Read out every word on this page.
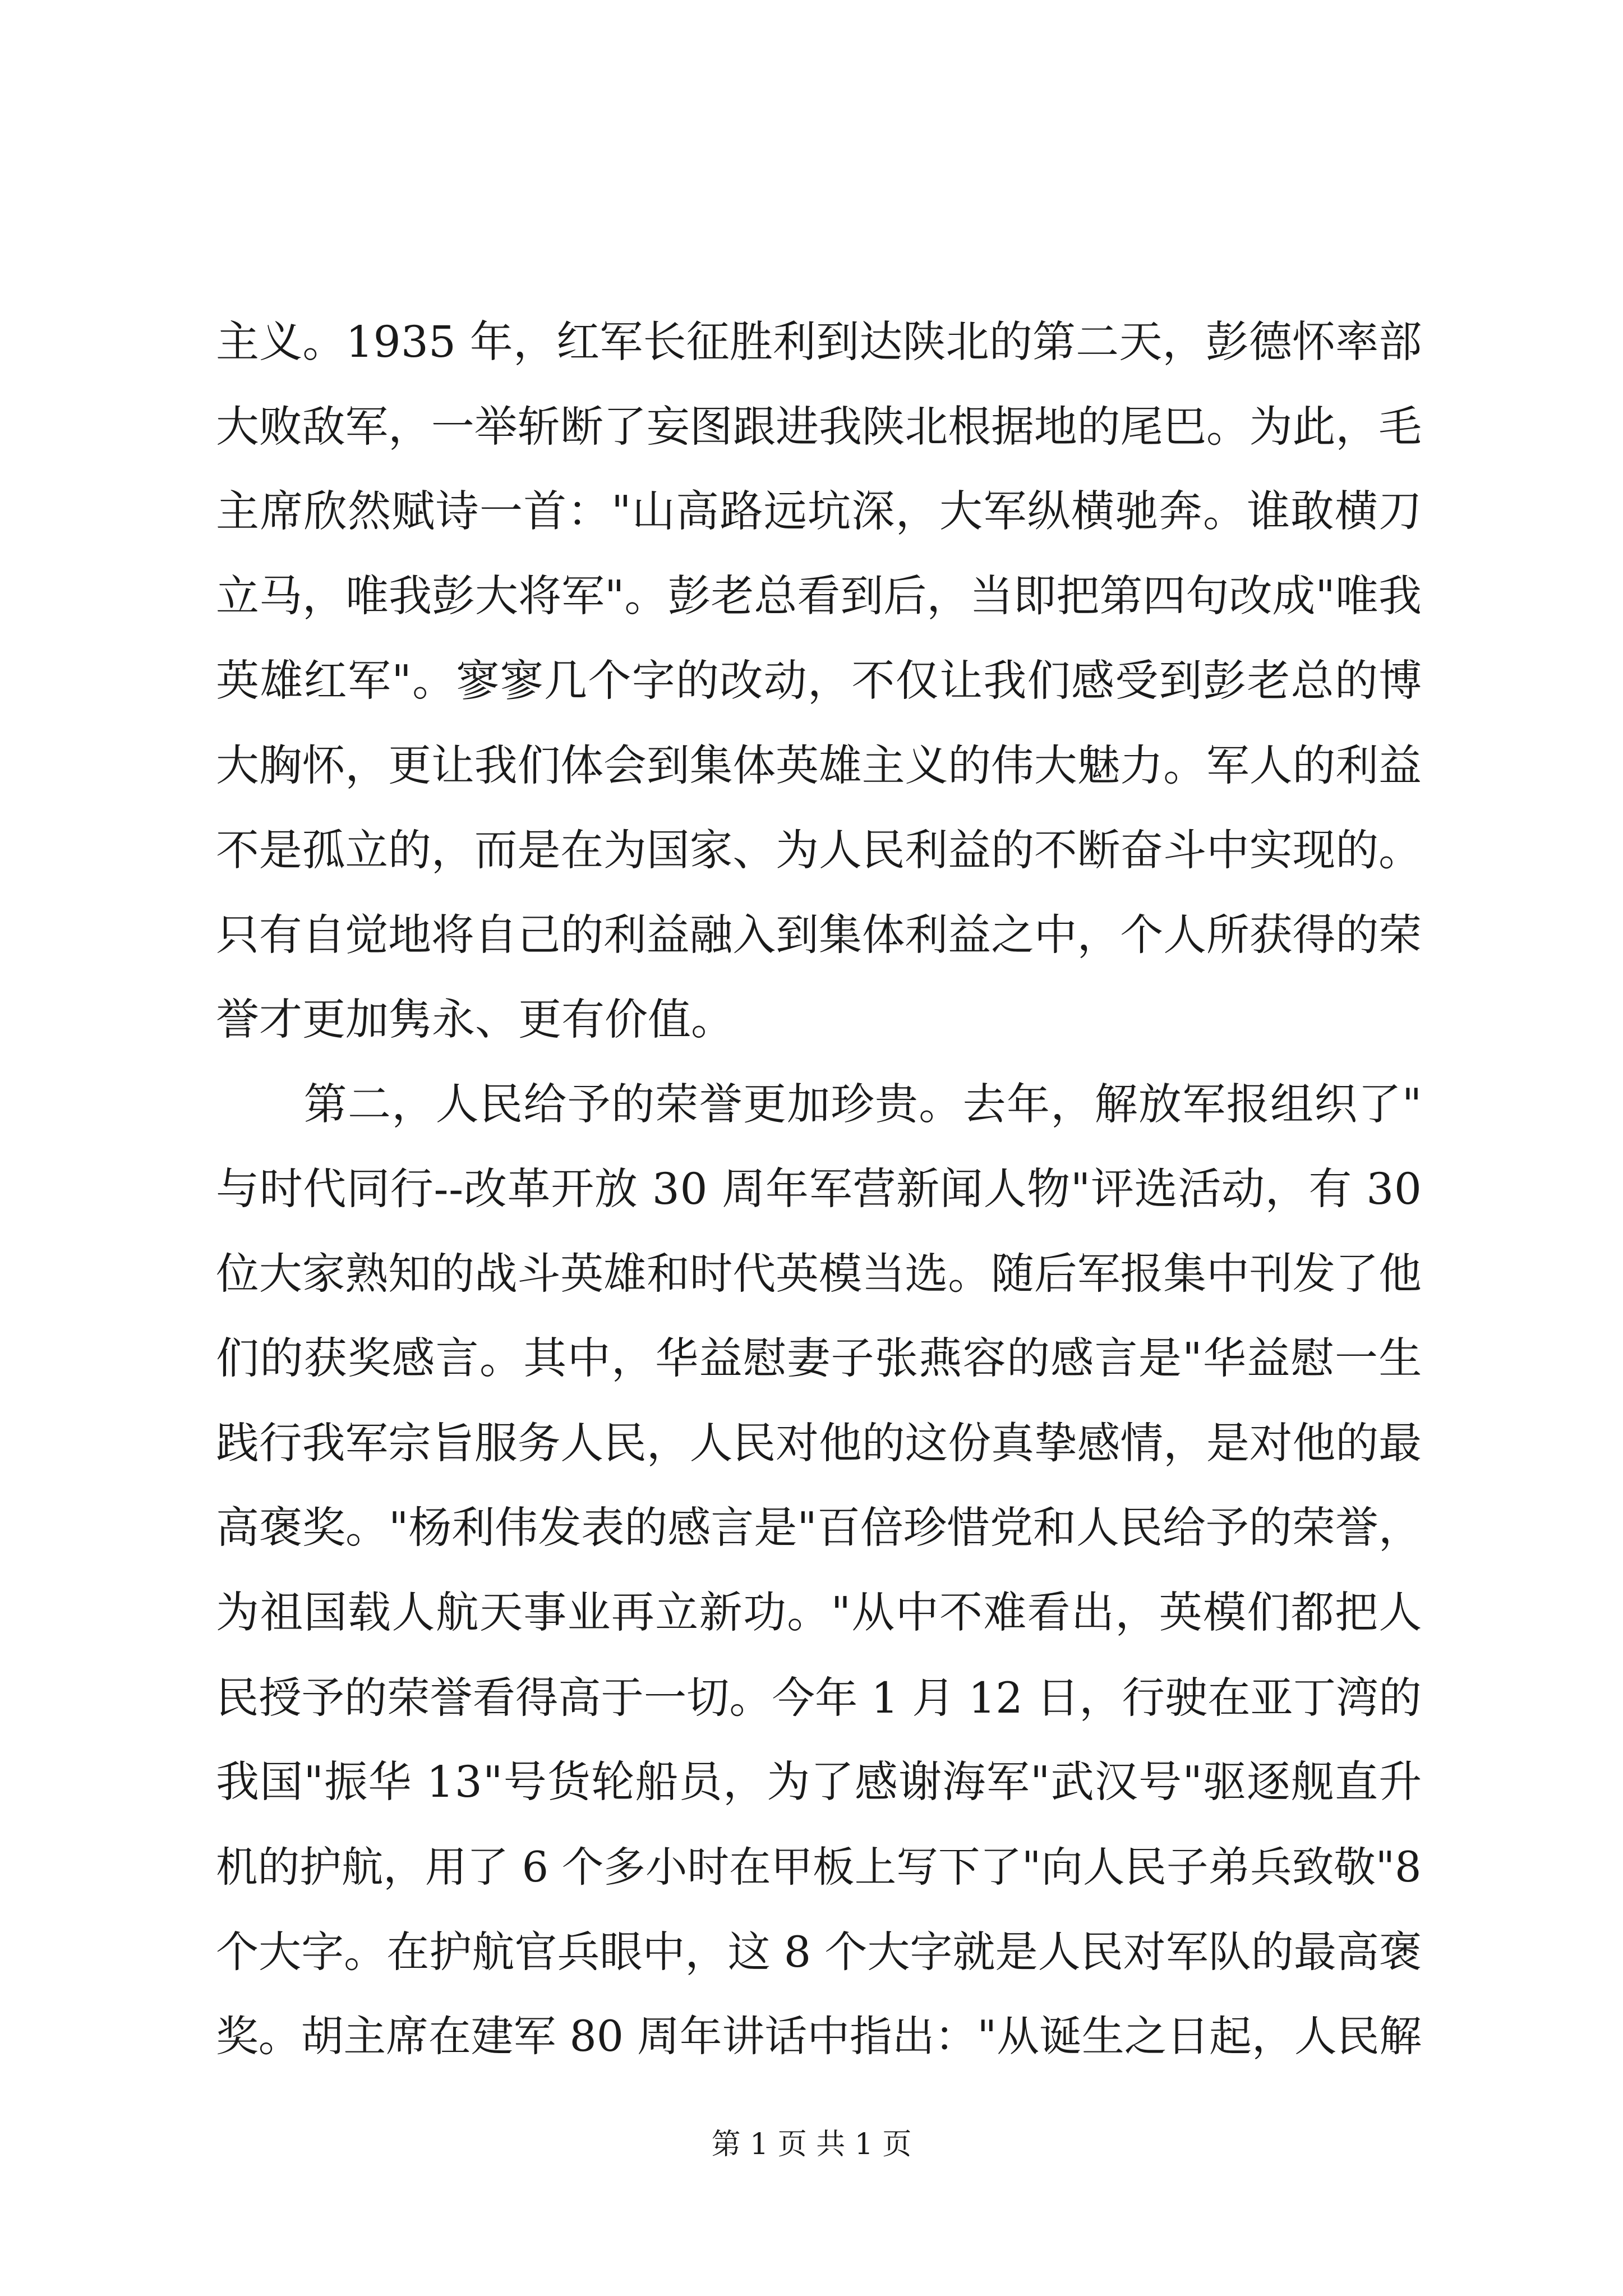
主义。1935 年，红军长征胜利到达陕北的第二天，彭德怀率部

大败敌军，一举斩断了妄图跟进我陕北根据地的尾巴。为此，毛

主席欣然赋诗一首："山高路远坑深，大军纵横驰奔。谁敢横刀

立马，唯我彭大将军"。彭老总看到后，当即把第四句改成"唯我

英雄红军"。寥寥几个字的改动，不仅让我们感受到彭老总的博

大胸怀，更让我们体会到集体英雄主义的伟大魅力。军人的利益

不是孤立的，而是在为国家、为人民利益的不断奋斗中实现的。

只有自觉地将自己的利益融入到集体利益之中，个人所获得的荣

誉才更加隽永、更有价值。

　　第二，人民给予的荣誉更加珍贵。去年，解放军报组织了"

与时代同行--改革开放 30 周年军营新闻人物"评选活动，有 30

位大家熟知的战斗英雄和时代英模当选。随后军报集中刊发了他

们的获奖感言。其中，华益慰妻子张燕容的感言是"华益慰一生

践行我军宗旨服务人民，人民对他的这份真挚感情，是对他的最

高褒奖。"杨利伟发表的感言是"百倍珍惜党和人民给予的荣誉，

为祖国载人航天事业再立新功。"从中不难看出，英模们都把人

民授予的荣誉看得高于一切。今年 1 月 12 日，行驶在亚丁湾的

我国"振华 13"号货轮船员，为了感谢海军"武汉号"驱逐舰直升

机的护航，用了 6 个多小时在甲板上写下了"向人民子弟兵致敬"8

个大字。在护航官兵眼中，这 8 个大字就是人民对军队的最高褒

奖。胡主席在建军 80 周年讲话中指出："从诞生之日起，人民解

第 1 页 共 1 页
